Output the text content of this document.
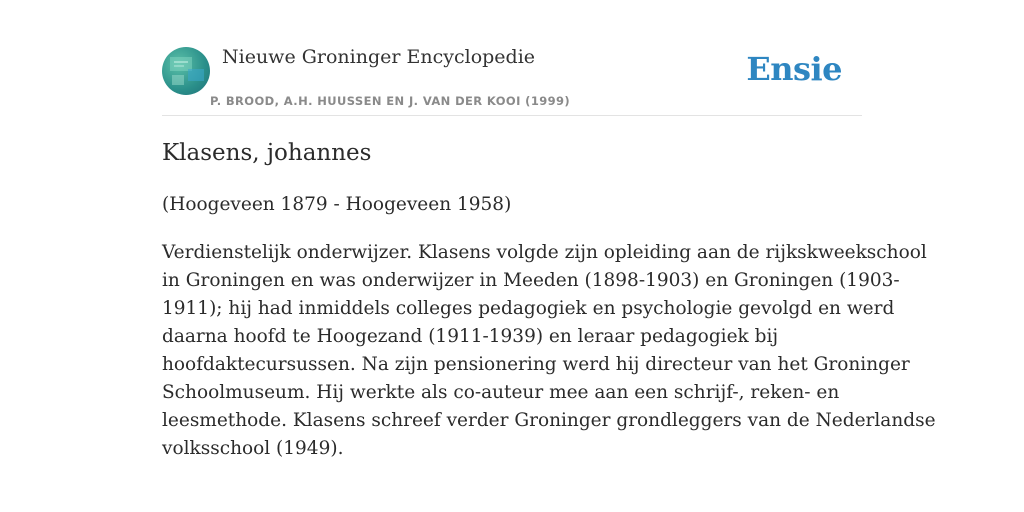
Nieuwe Groninger Encyclopedie
P. BROOD, A.H. HUUSSEN EN J. VAN DER KOOI (1999)
Ensie
Klasens, johannes

(Hoogeveen 1879 - Hoogeveen 1958)

Verdienstelijk onderwijzer. Klasens volgde zijn opleiding aan de rijkskweekschool
in Groningen en was onderwijzer in Meeden (1898-1903) en Groningen (1903-
1911); hij had inmiddels colleges pedagogiek en psychologie gevolgd en werd
daarna hoofd te Hoogezand (1911-1939) en leraar pedagogiek bij
hoofdaktecursussen. Na zijn pensionering werd hij directeur van het Groninger
Schoolmuseum. Hij werkte als co-auteur mee aan een schrijf-, reken- en
leesmethode. Klasens schreef verder Groninger grondleggers van de Nederlandse
volksschool (1949).
